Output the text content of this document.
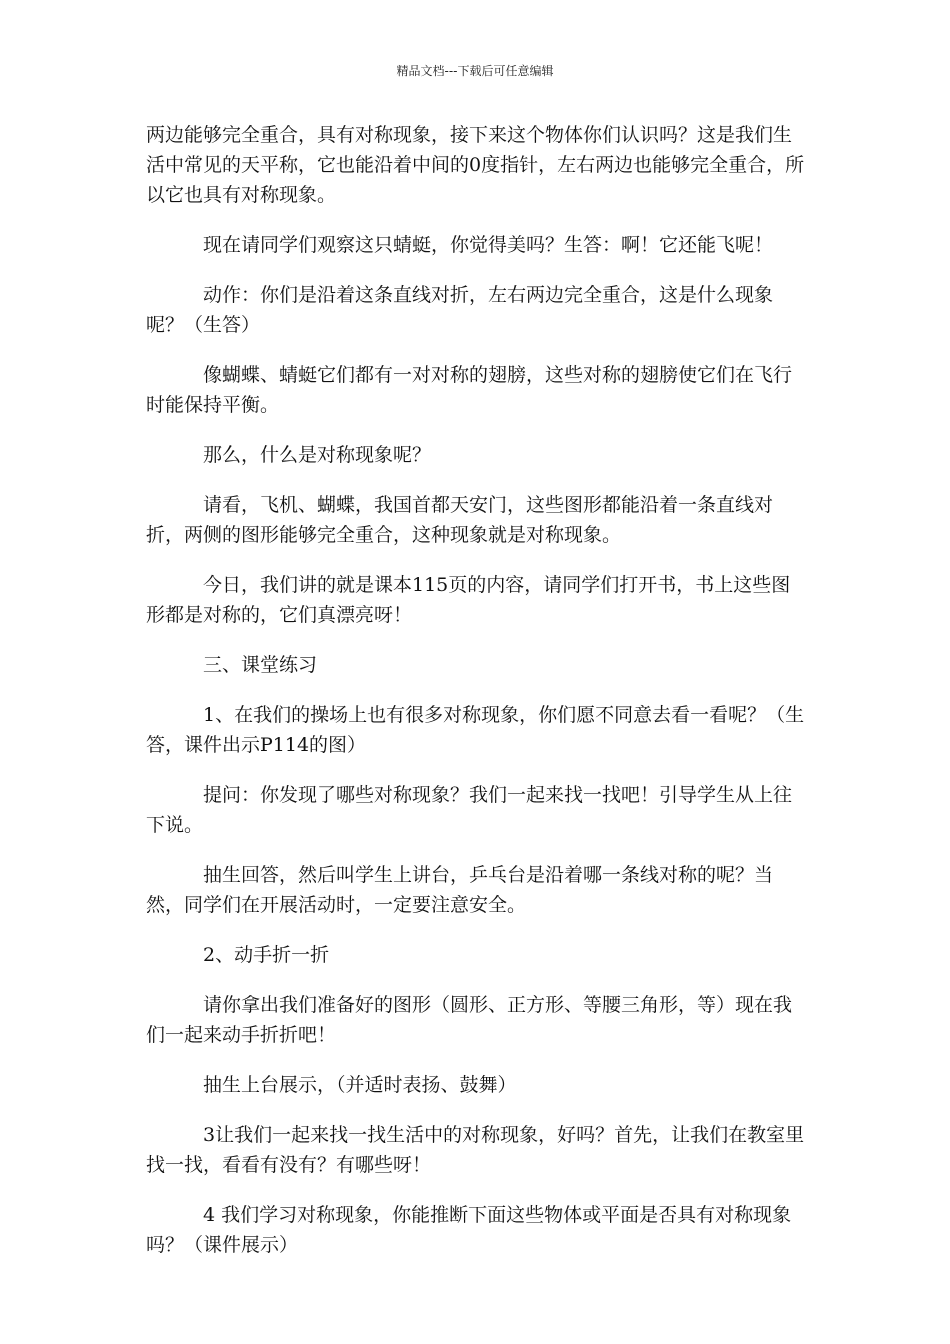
精品文档---下载后可任意编辑

两边能够完全重合，具有对称现象，接下来这个物体你们认识吗？这是我们生活中常见的天平称，它也能沿着中间的0度指针，左右两边也能够完全重合，所以它也具有对称现象。

现在请同学们观察这只蜻蜓，你觉得美吗？生答：啊！它还能飞呢！

动作：你们是沿着这条直线对折，左右两边完全重合，这是什么现象呢？（生答）

像蝴蝶、蜻蜓它们都有一对对称的翅膀，这些对称的翅膀使它们在飞行时能保持平衡。

那么，什么是对称现象呢？

请看，飞机、蝴蝶，我国首都天安门，这些图形都能沿着一条直线对折，两侧的图形能够完全重合，这种现象就是对称现象。

今日，我们讲的就是课本115页的内容，请同学们打开书，书上这些图形都是对称的，它们真漂亮呀！

三、课堂练习

1、在我们的操场上也有很多对称现象，你们愿不同意去看一看呢？（生答，课件出示P114的图）

提问：你发现了哪些对称现象？我们一起来找一找吧！引导学生从上往下说。

抽生回答，然后叫学生上讲台，乒乓台是沿着哪一条线对称的呢？当然，同学们在开展活动时，一定要注意安全。

2、动手折一折

请你拿出我们准备好的图形（圆形、正方形、等腰三角形，等）现在我们一起来动手折折吧！

抽生上台展示，（并适时表扬、鼓舞）

3让我们一起来找一找生活中的对称现象，好吗？首先，让我们在教室里找一找，看看有没有？有哪些呀！

4 我们学习对称现象，你能推断下面这些物体或平面是否具有对称现象吗？（课件展示）
